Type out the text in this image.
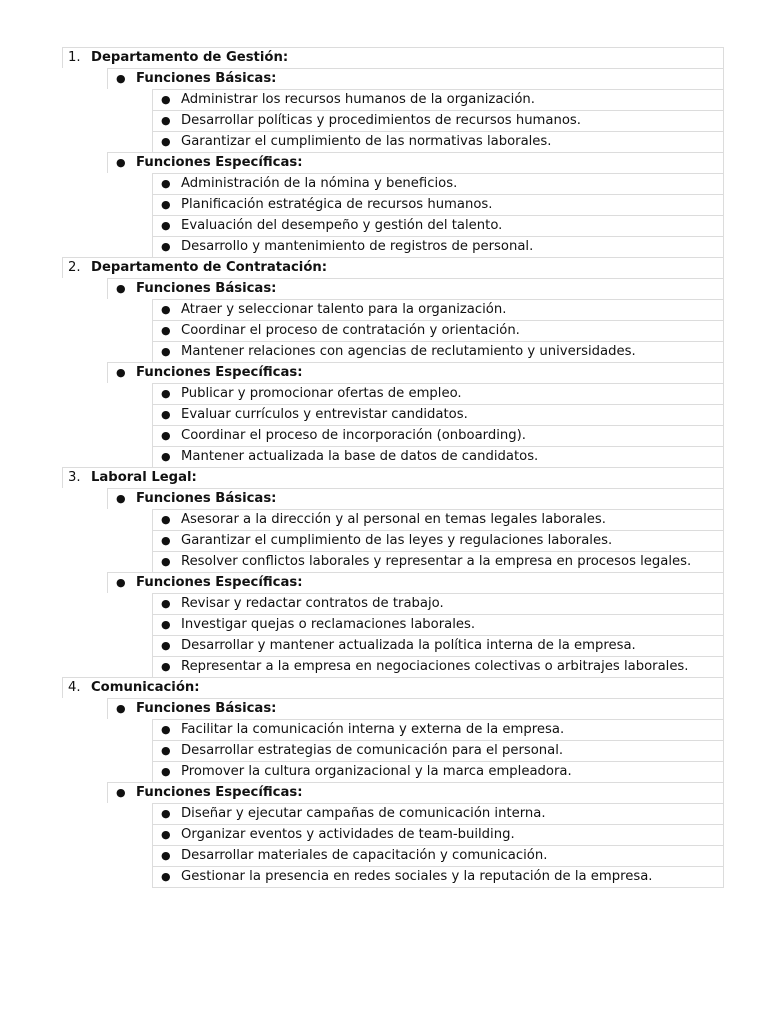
1. Departamento de Gestión:
● Funciones Básicas:
● Administrar los recursos humanos de la organización.
● Desarrollar políticas y procedimientos de recursos humanos.
● Garantizar el cumplimiento de las normativas laborales.
● Funciones Específicas:
● Administración de la nómina y beneficios.
● Planificación estratégica de recursos humanos.
● Evaluación del desempeño y gestión del talento.
● Desarrollo y mantenimiento de registros de personal.
2. Departamento de Contratación:
● Funciones Básicas:
● Atraer y seleccionar talento para la organización.
● Coordinar el proceso de contratación y orientación.
● Mantener relaciones con agencias de reclutamiento y universidades.
● Funciones Específicas:
● Publicar y promocionar ofertas de empleo.
● Evaluar currículos y entrevistar candidatos.
● Coordinar el proceso de incorporación (onboarding).
● Mantener actualizada la base de datos de candidatos.
3. Laboral Legal:
● Funciones Básicas:
● Asesorar a la dirección y al personal en temas legales laborales.
● Garantizar el cumplimiento de las leyes y regulaciones laborales.
● Resolver conflictos laborales y representar a la empresa en procesos legales.
● Funciones Específicas:
● Revisar y redactar contratos de trabajo.
● Investigar quejas o reclamaciones laborales.
● Desarrollar y mantener actualizada la política interna de la empresa.
● Representar a la empresa en negociaciones colectivas o arbitrajes laborales.
4. Comunicación:
● Funciones Básicas:
● Facilitar la comunicación interna y externa de la empresa.
● Desarrollar estrategias de comunicación para el personal.
● Promover la cultura organizacional y la marca empleadora.
● Funciones Específicas:
● Diseñar y ejecutar campañas de comunicación interna.
● Organizar eventos y actividades de team-building.
● Desarrollar materiales de capacitación y comunicación.
● Gestionar la presencia en redes sociales y la reputación de la empresa.
